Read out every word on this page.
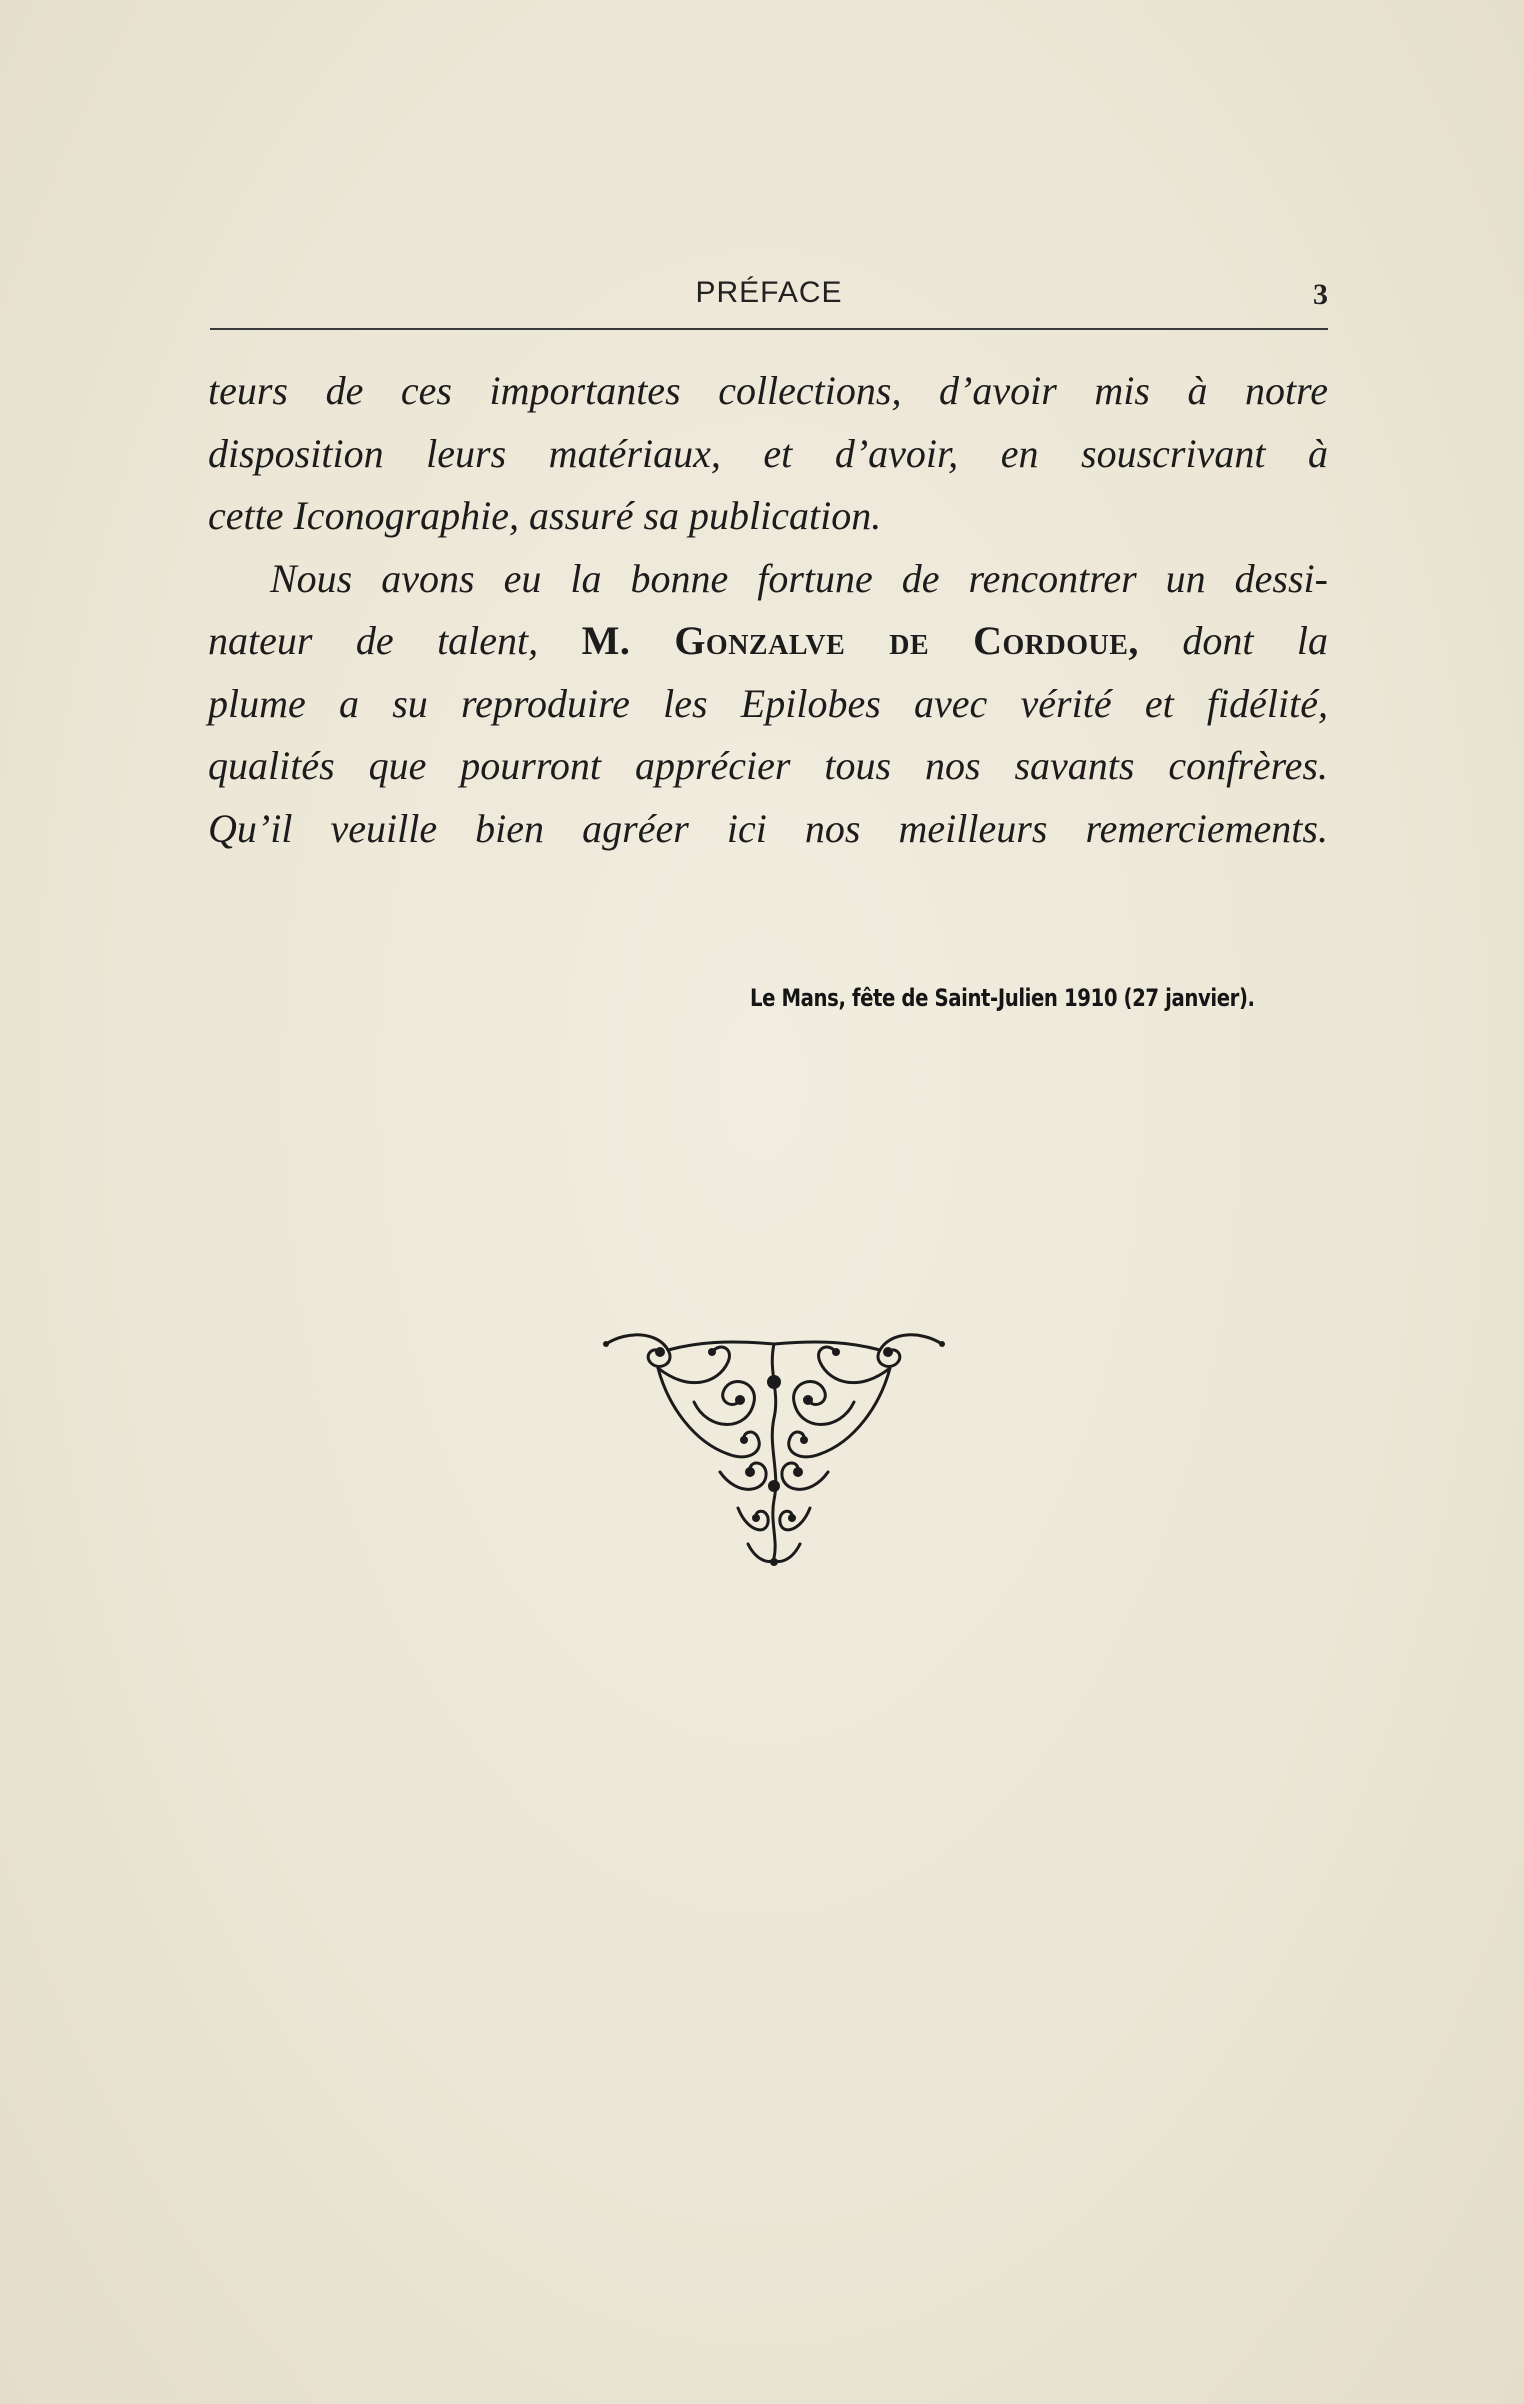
PRÉFACE	3
teurs de ces importantes collections, d’avoir mis à notre
disposition leurs matériaux, et d’avoir, en souscrivant à
cette Iconographie, assuré sa publication.
Nous avons eu la bonne fortune de rencontrer un dessi-
nateur de talent, M. Gonzalve de Cordoue, dont la
plume a su reproduire les Epilobes avec vérité et fidélité,
qualités que pourront apprécier tous nos savants confrères.
Qu’il veuille bien agréer ici nos meilleurs remerciements.
Le Mans, fête de Saint-Julien 1910 (27 janvier).
